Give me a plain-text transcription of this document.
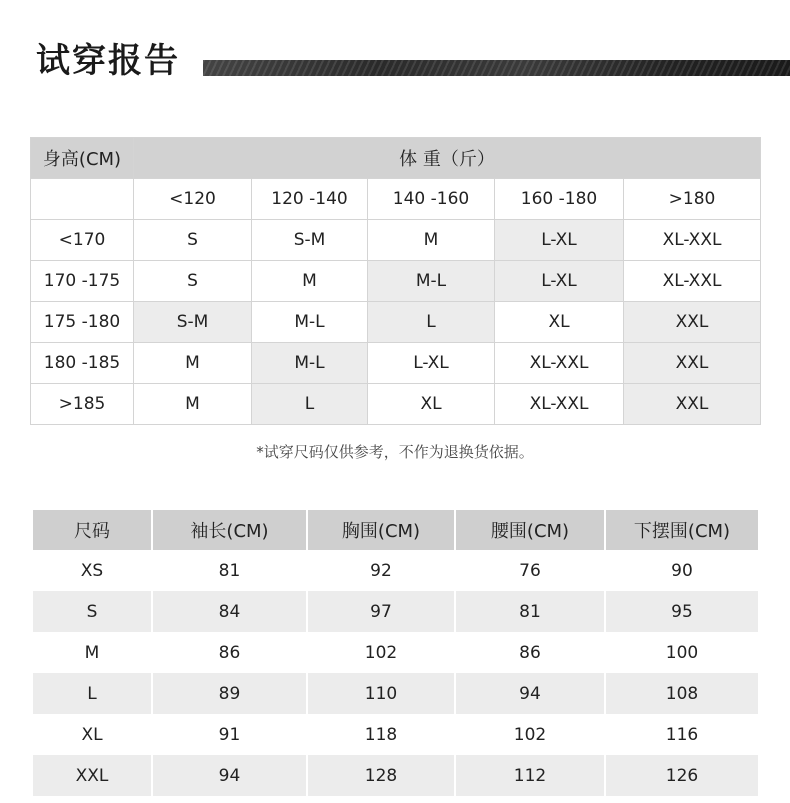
试穿报告
身高(CM)	体 重（斤）				
	<120	120 -140	140 -160	160 -180	>180
<170	S	S-M	M	L-XL	XL-XXL
170 -175	S	M	M-L	L-XL	XL-XXL
175 -180	S-M	M-L	L	XL	XXL
180 -185	M	M-L	L-XL	XL-XXL	XXL
>185	M	L	XL	XL-XXL	XXL
*试穿尺码仅供参考，不作为退换货依据。
尺码	袖长(CM)	胸围(CM)	腰围(CM)	下摆围(CM)
XS	81	92	76	90
S	84	97	81	95
M	86	102	86	100
L	89	110	94	108
XL	91	118	102	116
XXL	94	128	112	126
